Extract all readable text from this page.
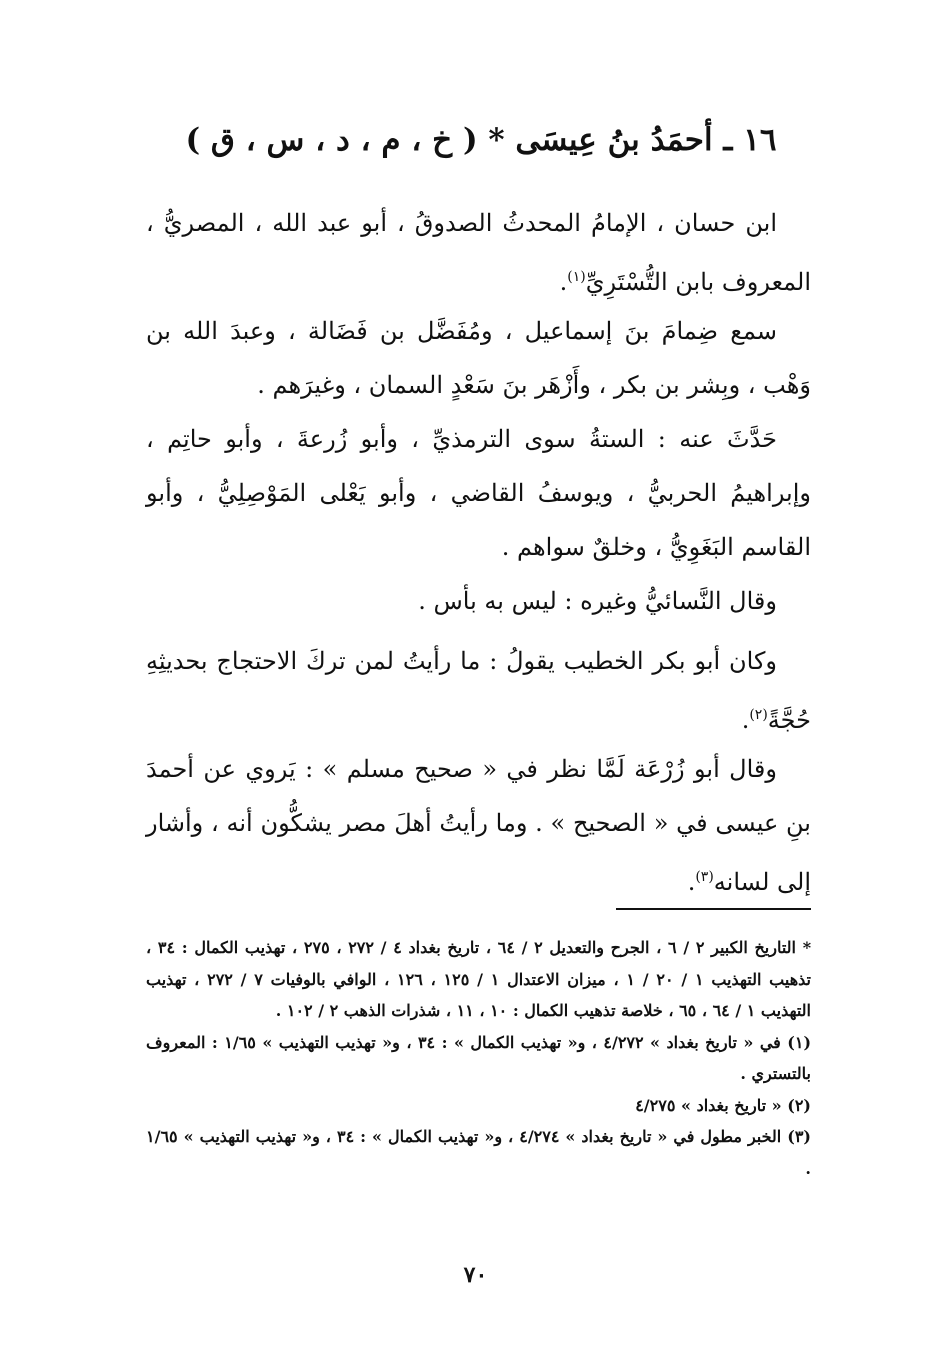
١٦ ـ أحمَدُ بنُ عِيسَى * ( خ ، م ، د ، س ، ق )

ابن حسان ، الإمامُ المحدثُ الصدوقُ ، أبو عبد الله ، المصريُّ ، المعروف بابن التُّسْتَرِيِّ$^{(١)}$.

سمع ضِمامَ بنَ إسماعيل ، ومُفَضَّل بن فَضَالة ، وعبدَ الله بن وَهْب ، وبِشر بن بكر ، وأَزْهَر بنَ سَعْدٍ السمان ، وغيرَهم .

حَدَّثَ عنه : الستةُ سوى الترمذيِّ ، وأبو زُرعةَ ، وأبو حاتِم ، وإبراهيمُ الحربيُّ ، ويوسفُ القاضي ، وأبو يَعْلى المَوْصِلِيُّ ، وأبو القاسم البَغَوِيُّ ، وخلقٌ سواهم .

وقال النَّسائيُّ وغيره : ليس به بأس .

وكان أبو بكر الخطيب يقولُ : ما رأيتُ لمن تركَ الاحتجاج بحديثِهِ حُجَّةً$^{(٢)}$.

وقال أبو زُرْعَة لَمَّا نظر في « صحيح مسلم » : يَروي عن أحمدَ بنِ عيسى في « الصحيح » . وما رأيتُ أهلَ مصر يشكُّون أنه ، وأشار إلى لسانه$^{(٣)}$.

* التاريخ الكبير ٢ / ٦ ، الجرح والتعديل ٢ / ٦٤ ، تاريخ بغداد ٤ / ٢٧٢ ، ٢٧٥ ، تهذيب الكمال : ٣٤ ، تذهيب التهذيب ١ / ٢٠ / ١ ، ميزان الاعتدال ١ / ١٢٥ ، ١٢٦ ، الوافي بالوفيات ٧ / ٢٧٢ ، تهذيب التهذيب ١ / ٦٤ ، ٦٥ ، خلاصة تذهيب الكمال : ١٠ ، ١١ ، شذرات الذهب ٢ / ١٠٢ .

(١) في « تاريخ بغداد » ٤/٢٧٢ ، و« تهذيب الكمال » : ٣٤ ، و« تهذيب التهذيب » ١/٦٥ : المعروف بالتستري .

(٢) « تاريخ بغداد » ٤/٢٧٥

(٣) الخبر مطول في « تاريخ بغداد » ٤/٢٧٤ ، و« تهذيب الكمال » : ٣٤ ، و« تهذيب التهذيب » ١/٦٥ .

٧٠
